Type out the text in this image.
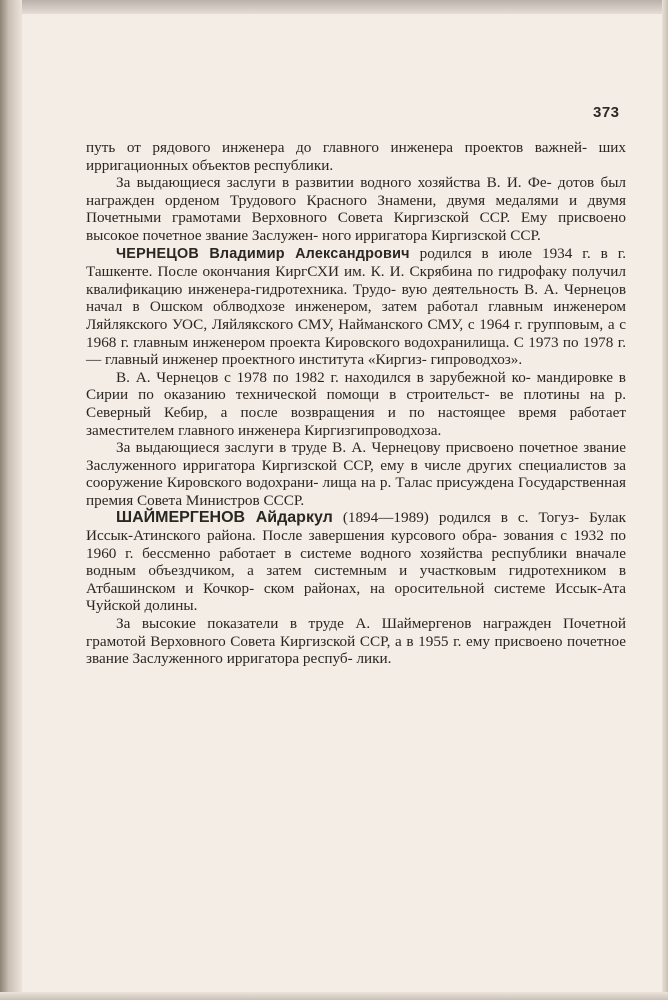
373

путь от рядового инженера до главного инженера проектов важней- ших ирригационных объектов республики.

За выдающиеся заслуги в развитии водного хозяйства В. И. Фе- дотов был награжден орденом Трудового Красного Знамени, двумя медалями и двумя Почетными грамотами Верховного Совета Киргизской ССР. Ему присвоено высокое почетное звание Заслужен- ного ирригатора Киргизской ССР.

ЧЕРНЕЦОВ Владимир Александрович родился в июле 1934 г. в г. Ташкенте. После окончания КиргСХИ им. К. И. Скрябина по гидрофаку получил квалификацию инженера-гидротехника. Трудо- вую деятельность В. А. Чернецов начал в Ошском облводхозе инженером, затем работал главным инженером Ляйлякского УОС, Ляйлякского СМУ, Найманского СМУ, с 1964 г. групповым, а с 1968 г. главным инженером проекта Кировского водохранилища. С 1973 по 1978 г. — главный инженер проектного института «Киргиз- гипроводхоз».

В. А. Чернецов с 1978 по 1982 г. находился в зарубежной ко- мандировке в Сирии по оказанию технической помощи в строительст- ве плотины на р. Северный Кебир, а после возвращения и по настоящее время работает заместителем главного инженера Киргизгипроводхоза.

За выдающиеся заслуги в труде В. А. Чернецову присвоено почетное звание Заслуженного ирригатора Киргизской ССР, ему в числе других специалистов за сооружение Кировского водохрани- лища на р. Талас присуждена Государственная премия Совета Министров СССР.

ШАЙМЕРГЕНОВ Айдаркул (1894—1989) родился в с. Тогуз- Булак Иссык-Атинского района. После завершения курсового обра- зования с 1932 по 1960 г. бессменно работает в системе водного хозяйства республики вначале водным объездчиком, а затем системным и участковым гидротехником в Атбашинском и Кочкор- ском районах, на оросительной системе Иссык-Ата Чуйской долины.

За высокие показатели в труде А. Шаймергенов награжден Почетной грамотой Верховного Совета Киргизской ССР, а в 1955 г. ему присвоено почетное звание Заслуженного ирригатора респуб- лики.
